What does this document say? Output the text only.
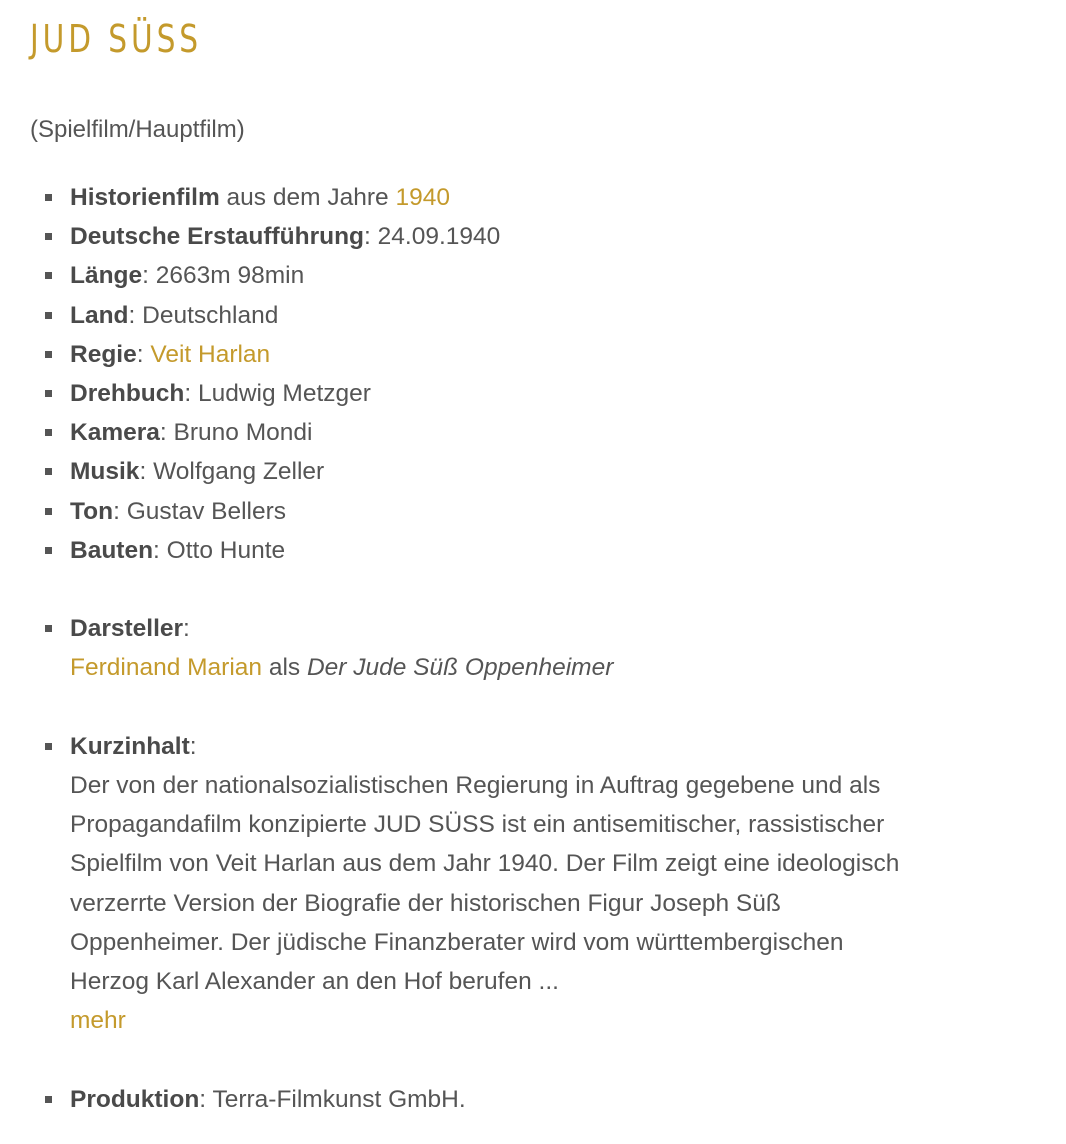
JUD SÜSS
(Spielfilm/Hauptfilm)
Historienfilm aus dem Jahre 1940
Deutsche Erstaufführung: 24.09.1940
Länge: 2663m 98min
Land: Deutschland
Regie: Veit Harlan
Drehbuch: Ludwig Metzger
Kamera: Bruno Mondi
Musik: Wolfgang Zeller
Ton: Gustav Bellers
Bauten: Otto Hunte
Darsteller:
Ferdinand Marian als Der Jude Süß Oppenheimer
Kurzinhalt:
Der von der nationalsozialistischen Regierung in Auftrag gegebene und als
Propagandafilm konzipierte JUD SÜSS ist ein antisemitischer, rassistischer
Spielfilm von Veit Harlan aus dem Jahr 1940. Der Film zeigt eine ideologisch
verzerrte Version der Biografie der historischen Figur Joseph Süß
Oppenheimer. Der jüdische Finanzberater wird vom württembergischen
Herzog Karl Alexander an den Hof berufen ...
mehr
Produktion: Terra-Filmkunst GmbH.
